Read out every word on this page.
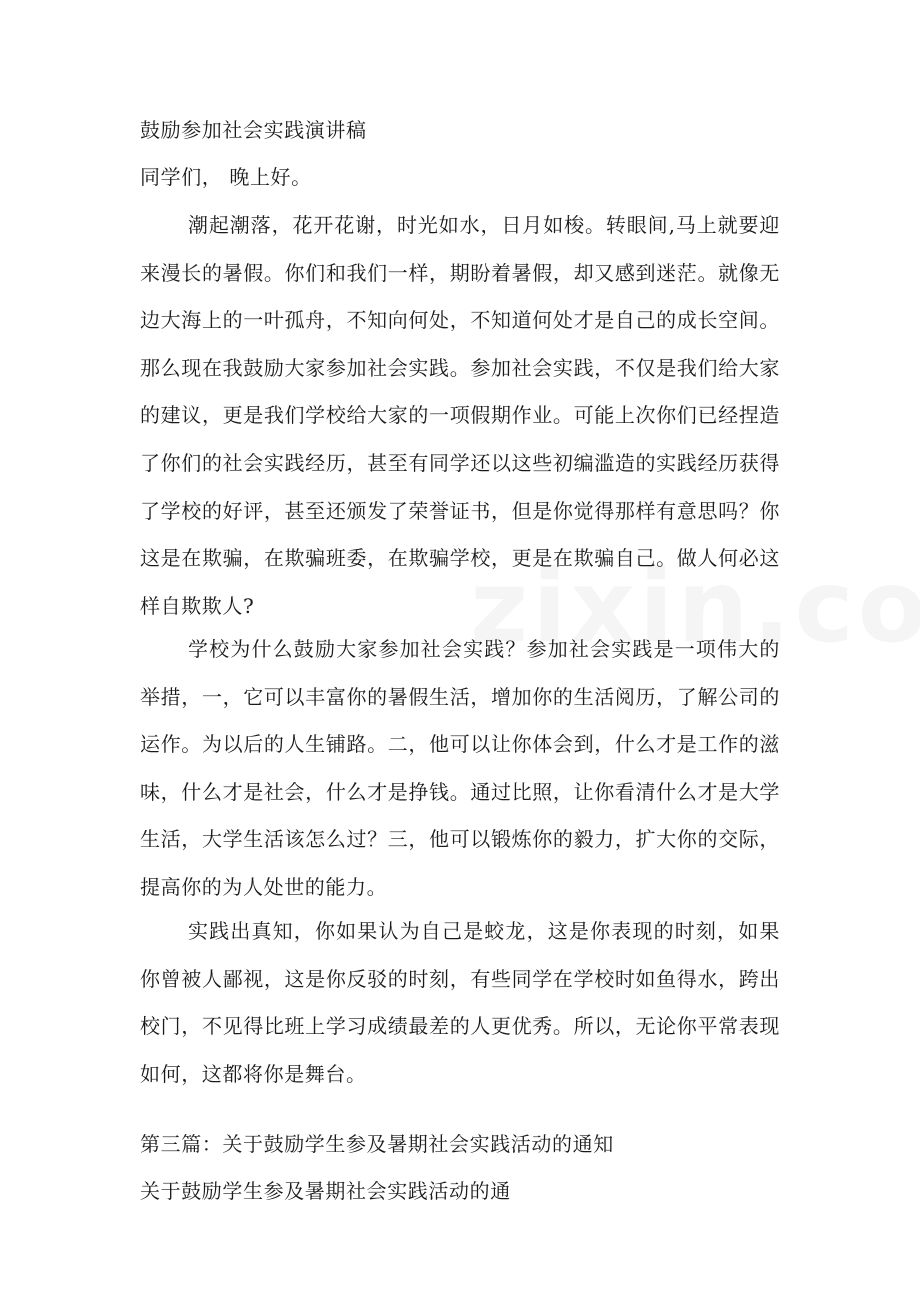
鼓励参加社会实践演讲稿
同学们， 晚上好。
潮起潮落，花开花谢，时光如水，日月如梭。转眼间,马上就要迎来漫长的暑假。你们和我们一样，期盼着暑假，却又感到迷茫。就像无边大海上的一叶孤舟，不知向何处，不知道何处才是自己的成长空间。那么现在我鼓励大家参加社会实践。参加社会实践，不仅是我们给大家的建议，更是我们学校给大家的一项假期作业。可能上次你们已经捏造了你们的社会实践经历，甚至有同学还以这些初编滥造的实践经历获得了学校的好评，甚至还颁发了荣誉证书，但是你觉得那样有意思吗？你这是在欺骗，在欺骗班委，在欺骗学校，更是在欺骗自己。做人何必这样自欺欺人?
学校为什么鼓励大家参加社会实践？参加社会实践是一项伟大的举措，一，它可以丰富你的暑假生活，增加你的生活阅历，了解公司的运作。为以后的人生铺路。二，他可以让你体会到，什么才是工作的滋味，什么才是社会，什么才是挣钱。通过比照，让你看清什么才是大学生活，大学生活该怎么过？三，他可以锻炼你的毅力，扩大你的交际，提高你的为人处世的能力。
实践出真知，你如果认为自己是蛟龙，这是你表现的时刻，如果你曾被人鄙视，这是你反驳的时刻，有些同学在学校时如鱼得水，跨出校门，不见得比班上学习成绩最差的人更优秀。所以，无论你平常表现如何，这都将你是舞台。
第三篇：关于鼓励学生参及暑期社会实践活动的通知
关于鼓励学生参及暑期社会实践活动的通
